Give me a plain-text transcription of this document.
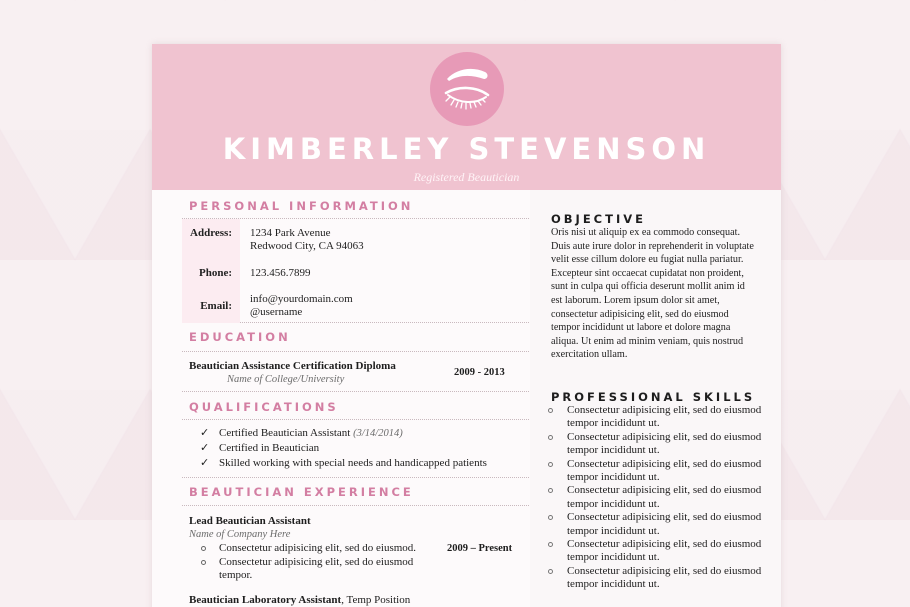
KIMBERLEY STEVENSON
Registered Beautician
PERSONAL INFORMATION
Address:	1234 Park Avenue
Redwood City, CA 94063
Phone:	123.456.7899
Email:
info@yourdomain.com
@username
EDUCATION
Beautician Assistance Certification Diploma
Name of College/University
2009 - 2013
QUALIFICATIONS
✓ Certified Beautician Assistant (3/14/2014)
✓ Certified in Beautician
✓ Skilled working with special needs and handicapped patients
BEAUTICIAN EXPERIENCE
Lead Beautician Assistant
Name of Company Here
2009 – Present
Consectetur adipisicing elit, sed do eiusmod.
Consectetur adipisicing elit, sed do eiusmod tempor.
Beautician Laboratory Assistant, Temp Position
OBJECTIVE
Oris nisi ut aliquip ex ea commodo consequat. Duis aute irure dolor in reprehenderit in voluptate velit esse cillum dolore eu fugiat nulla pariatur. Excepteur sint occaecat cupidatat non proident, sunt in culpa qui officia deserunt mollit anim id est laborum. Lorem ipsum dolor sit amet, consectetur adipisicing elit, sed do eiusmod tempor incididunt ut labore et dolore magna aliqua. Ut enim ad minim veniam, quis nostrud exercitation ullam.
PROFESSIONAL SKILLS
Consectetur adipisicing elit, sed do eiusmod tempor incididunt ut.
Consectetur adipisicing elit, sed do eiusmod tempor incididunt ut.
Consectetur adipisicing elit, sed do eiusmod tempor incididunt ut.
Consectetur adipisicing elit, sed do eiusmod tempor incididunt ut.
Consectetur adipisicing elit, sed do eiusmod tempor incididunt ut.
Consectetur adipisicing elit, sed do eiusmod tempor incididunt ut.
Consectetur adipisicing elit, sed do eiusmod tempor incididunt ut.
